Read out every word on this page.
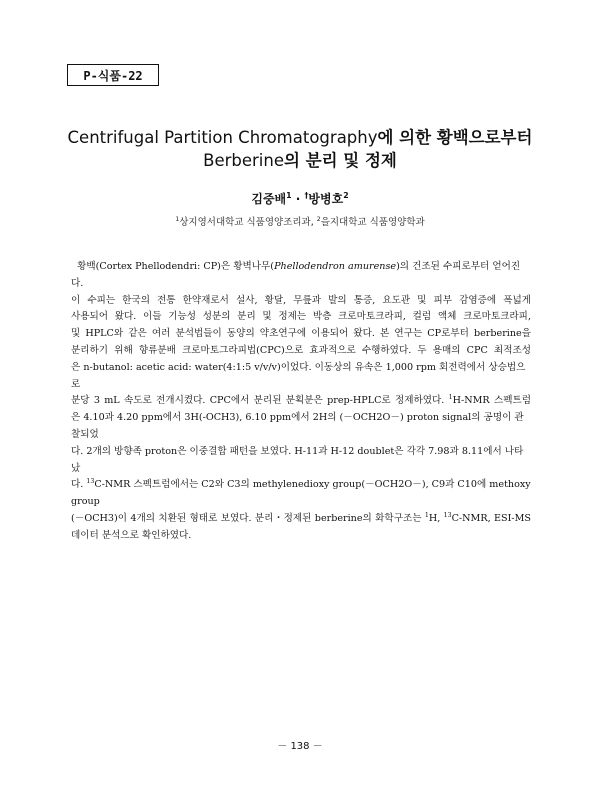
P-식품-22
Centrifugal Partition Chromatography에 의한 황백으로부터
Berberine의 분리 및 정제
김중배$^1$ · †방병호$^2$
$^1$상지영서대학교 식품영양조리과, $^2$을지대학교 식품영양학과
황백(Cortex Phellodendri: CP)은 황벽나무(Phellodendron amurense)의 건조된 수피로부터 얻어진다.
이 수피는 한국의 전통 한약재로서 설사, 황달, 무릎과 발의 통증, 요도관 및 피부 감염증에 폭넓게
사용되어 왔다. 이들 기능성 성분의 분리 및 정제는 박층 크로마토크라피, 컬럼 액체 크로마토크라피,
및 HPLC와 같은 여러 분석법들이 동양의 약초연구에 이용되어 왔다. 본 연구는 CP로부터 berberine을
분리하기 위해 향류분배 크로마토그라피법(CPC)으로 효과적으로 수행하였다. 두 용매의 CPC 최적조성
은 n-butanol: acetic acid: water(4:1:5 v/v/v)이었다. 이동상의 유속은 1,000 rpm 회전력에서 상승법으로
분당 3 mL 속도로 전개시켰다. CPC에서 분리된 분획분은 prep-HPLC로 정제하였다. $^1$H-NMR 스펙트럼
은 4.10과 4.20 ppm에서 3H(-OCH3), 6.10 ppm에서 2H의 (－OCH2O－) proton signal의 공명이 관찰되었
다. 2개의 방향족 proton은 이중결합 패턴을 보였다. H-11과 H-12 doublet은 각각 7.98과 8.11에서 나타났
다. $^{13}$C-NMR 스펙트럼에서는 C2와 C3의 methylenedioxy group(－OCH2O－), C9과 C10에 methoxy group
(－OCH3)이 4개의 치환된 형태로 보였다. 분리・정제된 berberine의 화학구조는 $^1$H, $^{13}$C-NMR, ESI-MS
데이터 분석으로 확인하였다.
－ 138 －
